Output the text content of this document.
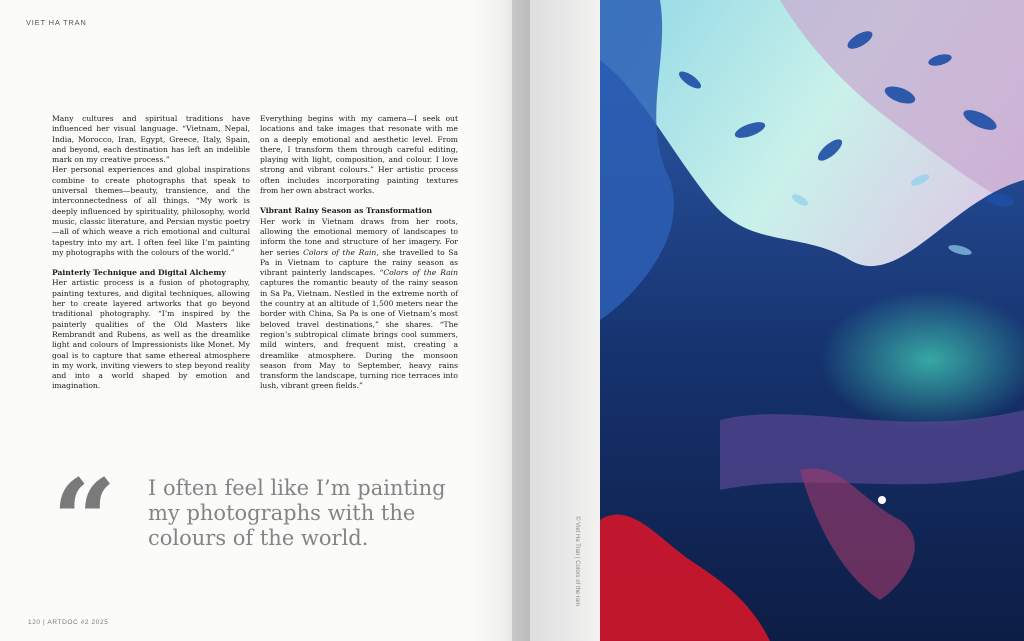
VIET HA TRAN

Many cultures and spiritual traditions have influenced her visual language. “Vietnam, Nepal, India, Morocco, Iran, Egypt, Greece, Italy, Spain, and beyond, each destination has left an indelible mark on my creative process.”

Her personal experiences and global inspirations combine to create photographs that speak to universal themes—beauty, transience, and the interconnectedness of all things. “My work is deeply influenced by spirituality, philosophy, world music, classic literature, and Persian mystic poetry—all of which weave a rich emotional and cultural tapestry into my art. I often feel like I’m painting my photographs with the colours of the world.”

Painterly Technique and Digital Alchemy

Her artistic process is a fusion of photography, painting textures, and digital techniques, allowing her to create layered artworks that go beyond traditional photography. “I’m inspired by the painterly qualities of the Old Masters like Rembrandt and Rubens, as well as the dreamlike light and colours of Impressionists like Monet. My goal is to capture that same ethereal atmosphere in my work, inviting viewers to step beyond reality and into a world shaped by emotion and imagination.

Everything begins with my camera—I seek out locations and take images that resonate with me on a deeply emotional and aesthetic level. From there, I transform them through careful editing, playing with light, composition, and colour. I love strong and vibrant colours.” Her artistic process often includes incorporating painting textures from her own abstract works.

Vibrant Rainy Season as Transformation

Her work in Vietnam draws from her roots, allowing the emotional memory of landscapes to inform the tone and structure of her imagery. For her series Colors of the Rain, she travelled to Sa Pa in Vietnam to capture the rainy season as vibrant painterly landscapes. “Colors of the Rain captures the romantic beauty of the rainy season in Sa Pa, Vietnam. Nestled in the extreme north of the country at an altitude of 1,500 meters near the border with China, Sa Pa is one of Vietnam’s most beloved travel destinations,” she shares. “The region’s subtropical climate brings cool summers, mild winters, and frequent mist, creating a dreamlike atmosphere. During the monsoon season from May to September, heavy rains transform the landscape, turning rice terraces into lush, vibrant green fields.”

“ I often feel like I’m painting my photographs with the colours of the world.
120 | ARTDOC #2 2025
© Viet Ha Tran | Colors of the rain
